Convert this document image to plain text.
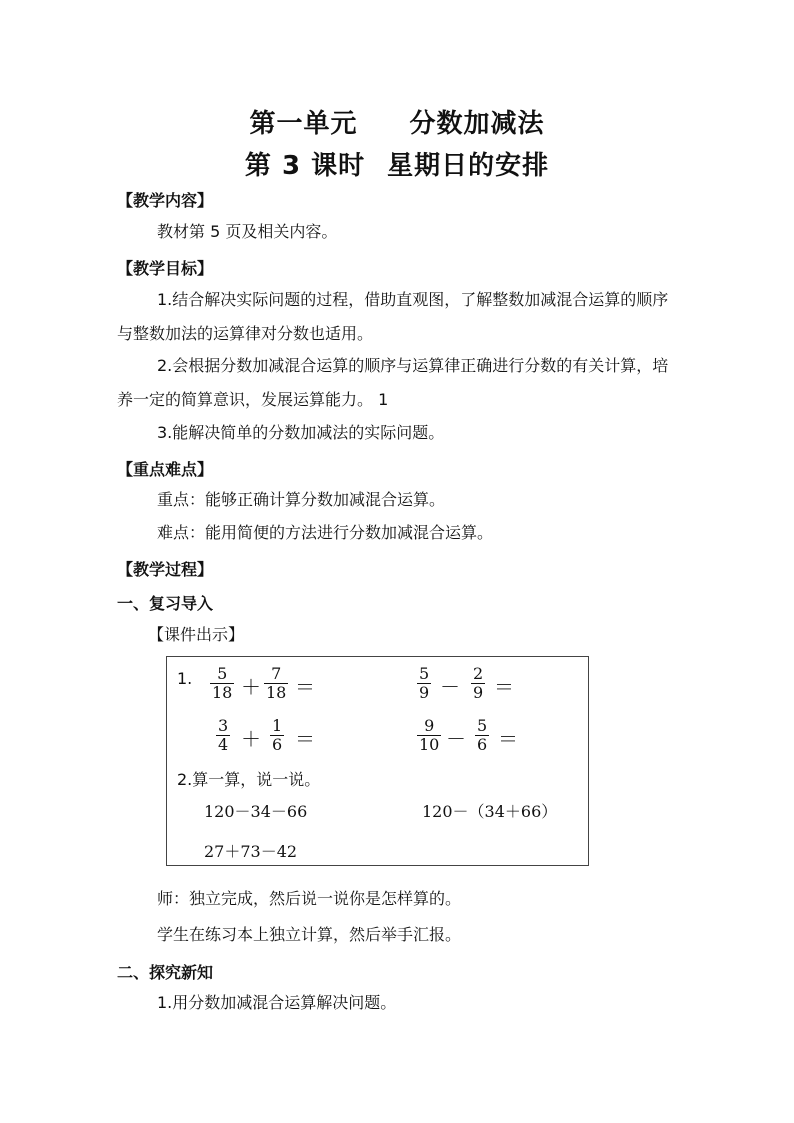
第一单元 分数加减法
第 3 课时 星期日的安排
【教学内容】
教材第 5 页及相关内容。
【教学目标】
1.结合解决实际问题的过程，借助直观图，了解整数加减混合运算的顺序与整数加法的运算律对分数也适用。
2.会根据分数加减混合运算的顺序与运算律正确进行分数的有关计算，培养一定的简算意识，发展运算能力。 1
3.能解决简单的分数加减法的实际问题。
【重点难点】
重点：能够正确计算分数加减混合运算。
难点：能用简便的方法进行分数加减混合运算。
【教学过程】
一、复习导入
【课件出示】
1. 5
18 ＋
7
18 ＝
5
9 －
2
9 ＝
3
4 ＋
1
6 ＝
9
10 －
5
6 ＝
2.算一算，说一说。
120－34－66	120－（34＋66）
27＋73－42
师：独立完成，然后说一说你是怎样算的。
学生在练习本上独立计算，然后举手汇报。
二、探究新知
1.用分数加减混合运算解决问题。
